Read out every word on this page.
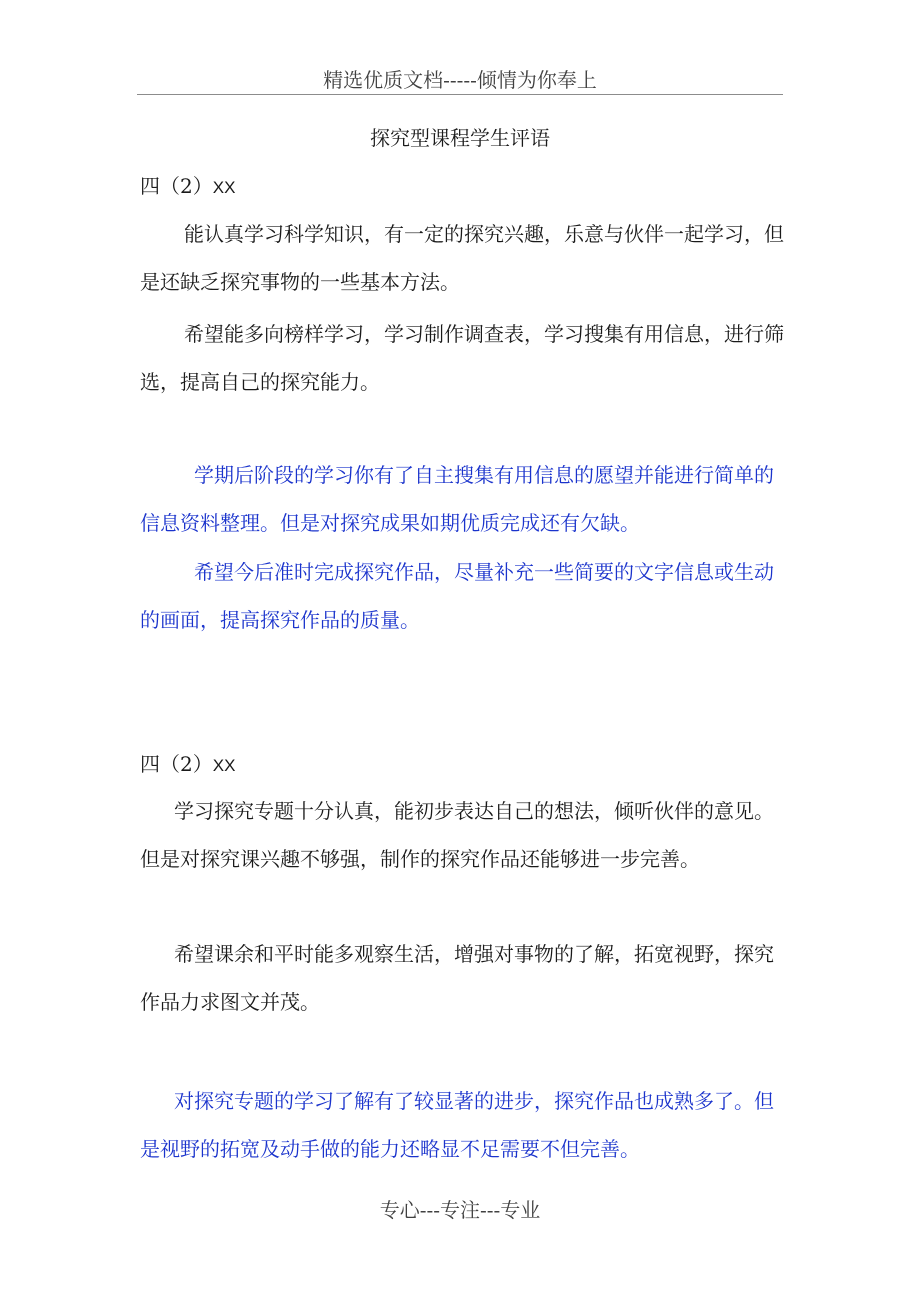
精选优质文档-----倾情为你奉上
探究型课程学生评语
四（2）XX

能认真学习科学知识，有一定的探究兴趣，乐意与伙伴一起学习，但是还缺乏探究事物的一些基本方法。

希望能多向榜样学习，学习制作调查表，学习搜集有用信息，进行筛选，提高自己的探究能力。

学期后阶段的学习你有了自主搜集有用信息的愿望并能进行简单的信息资料整理。但是对探究成果如期优质完成还有欠缺。

希望今后准时完成探究作品，尽量补充一些简要的文字信息或生动的画面，提高探究作品的质量。

四（2）XX

学习探究专题十分认真，能初步表达自己的想法，倾听伙伴的意见。但是对探究课兴趣不够强，制作的探究作品还能够进一步完善。

希望课余和平时能多观察生活，增强对事物的了解，拓宽视野，探究作品力求图文并茂。

对探究专题的学习了解有了较显著的进步，探究作品也成熟多了。但是视野的拓宽及动手做的能力还略显不足需要不但完善。

专心---专注---专业
